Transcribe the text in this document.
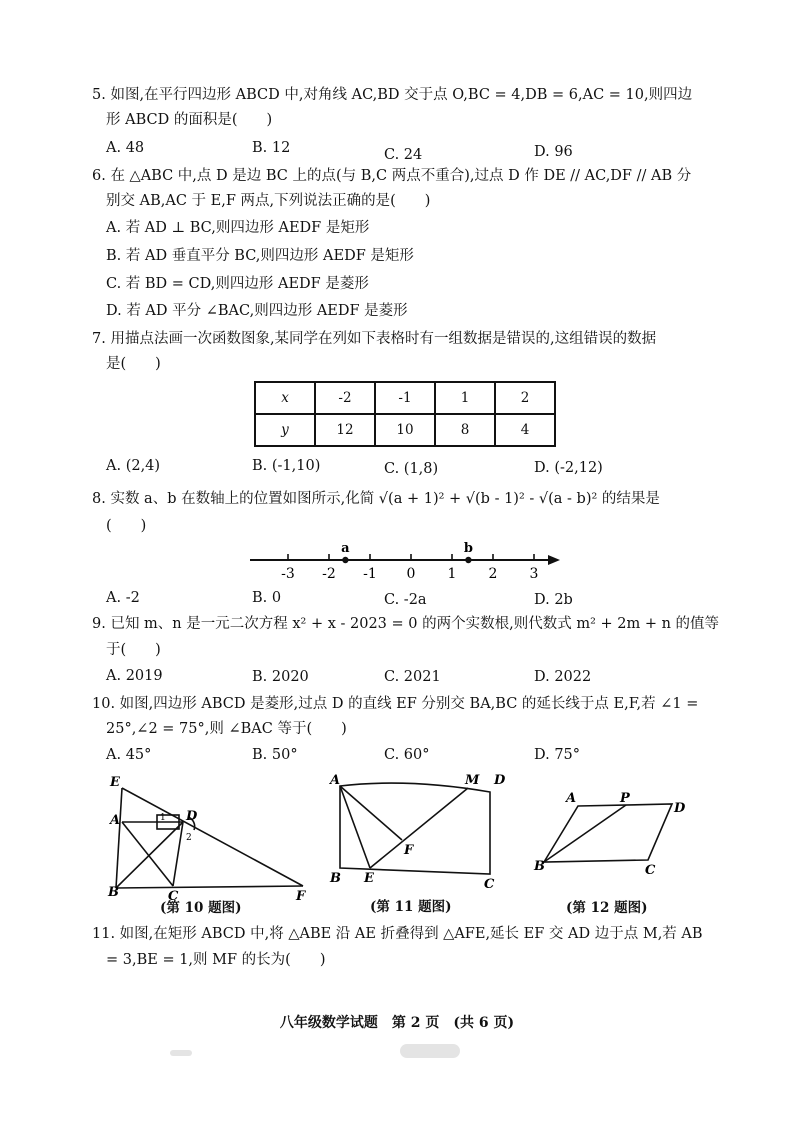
5. 如图,在平行四边形 ABCD 中,对角线 AC,BD 交于点 O,BC = 4,DB = 6,AC = 10,则四边
形 ABCD 的面积是(　　)
A. 48	B. 12	C. 24	D. 96
6. 在 △ABC 中,点 D 是边 BC 上的点(与 B,C 两点不重合),过点 D 作 DE // AC,DF // AB 分
别交 AB,AC 于 E,F 两点,下列说法正确的是(　　)
A. 若 AD ⊥ BC,则四边形 AEDF 是矩形
B. 若 AD 垂直平分 BC,则四边形 AEDF 是矩形
C. 若 BD = CD,则四边形 AEDF 是菱形
D. 若 AD 平分 ∠BAC,则四边形 AEDF 是菱形
7. 用描点法画一次函数图象,某同学在列如下表格时有一组数据是错误的,这组错误的数据
是(　　)
x	-2	-1	1	2
y	12	10	8	4
A. (2,4)	B. (-1,10)	C. (1,8)	D. (-2,12)
8. 实数 a、b 在数轴上的位置如图所示,化简 √(a + 1)² + √(b - 1)² - √(a - b)² 的结果是
(　　)
-3 -2 -1 0 1 2 3
a	b
A. -2	B. 0	C. -2a	D. 2b
9. 已知 m、n 是一元二次方程 x² + x - 2023 = 0 的两个实数根,则代数式 m² + 2m + n 的值等
于(　　)
A. 2019	B. 2020	C. 2021	D. 2022
10. 如图,四边形 ABCD 是菱形,过点 D 的直线 EF 分别交 BA,BC 的延长线于点 E,F,若 ∠1 =
25°,∠2 = 75°,则 ∠BAC 等于(　　)
A. 45°	B. 50°	C. 60°	D. 75°
E
A	D
B	C	F
1
2
(第 10 题图)
A	M D
F
B E	C
(第 11 题图)
A	P
D
B	C
(第 12 题图)
11. 如图,在矩形 ABCD 中,将 △ABE 沿 AE 折叠得到 △AFE,延长 EF 交 AD 边于点 M,若 AB
= 3,BE = 1,则 MF 的长为(　　)
八年级数学试题　第 2 页　(共 6 页)
